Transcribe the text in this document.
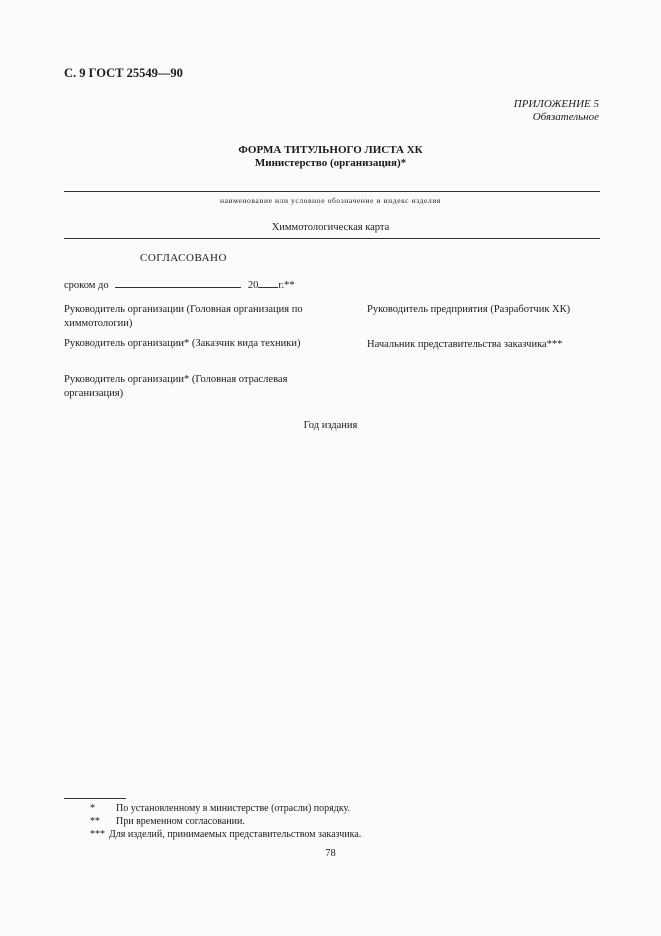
С. 9 ГОСТ 25549—90
ПРИЛОЖЕНИЕ 5
Обязательное
ФОРМА ТИТУЛЬНОГО ЛИСТА ХК
Министерство (организация)*
наименование или условное обозначение и индекс изделия
Химмотологическая карта
СОГЛАСОВАНО
сроком до	20 г.**
Руководитель организации (Головная организация по химмотологии)
Руководитель организации* (Заказчик вида техники)
Руководитель организации* (Головная отраслевая организация)
Руководитель предприятия (Разработчик ХК)
Начальник представительства заказчика***
Год издания
* По установленному в министерстве (отрасли) порядку.
** При временном согласовании.
*** Для изделий, принимаемых представительством заказчика.
78
